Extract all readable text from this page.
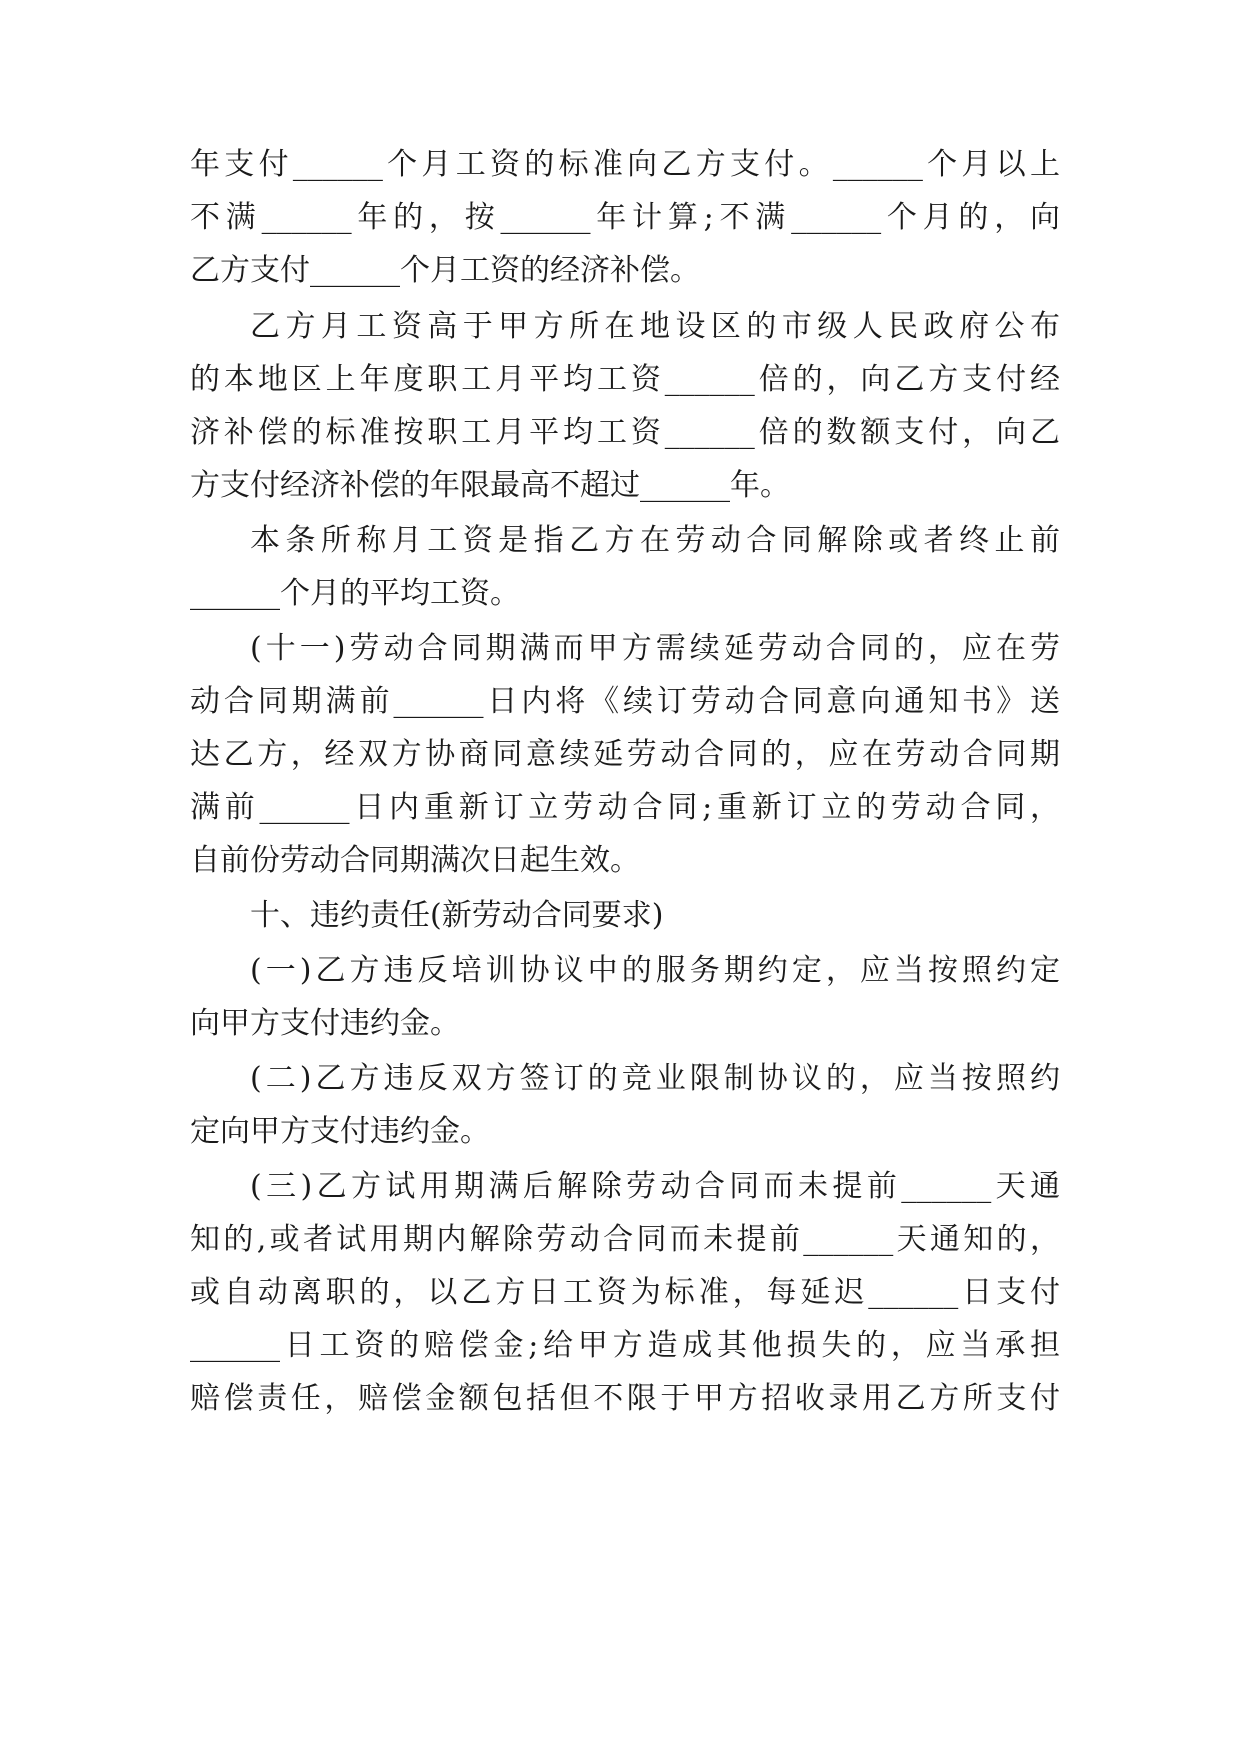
年支付______个月工资的标准向乙方支付。______个月以上
不满______年的，按______年计算;不满______个月的，向
乙方支付______个月工资的经济补偿。
乙方月工资高于甲方所在地设区的市级人民政府公布
的本地区上年度职工月平均工资______倍的，向乙方支付经
济补偿的标准按职工月平均工资______倍的数额支付，向乙
方支付经济补偿的年限最高不超过______年。
本条所称月工资是指乙方在劳动合同解除或者终止前
______个月的平均工资。
(十一)劳动合同期满而甲方需续延劳动合同的，应在劳
动合同期满前______日内将《续订劳动合同意向通知书》送
达乙方，经双方协商同意续延劳动合同的，应在劳动合同期
满前______日内重新订立劳动合同;重新订立的劳动合同，
自前份劳动合同期满次日起生效。
十、违约责任(新劳动合同要求)
(一)乙方违反培训协议中的服务期约定，应当按照约定
向甲方支付违约金。
(二)乙方违反双方签订的竞业限制协议的，应当按照约
定向甲方支付违约金。
(三)乙方试用期满后解除劳动合同而未提前______天通
知的,或者试用期内解除劳动合同而未提前______天通知的，
或自动离职的，以乙方日工资为标准，每延迟______日支付
______日工资的赔偿金;给甲方造成其他损失的，应当承担
赔偿责任，赔偿金额包括但不限于甲方招收录用乙方所支付
